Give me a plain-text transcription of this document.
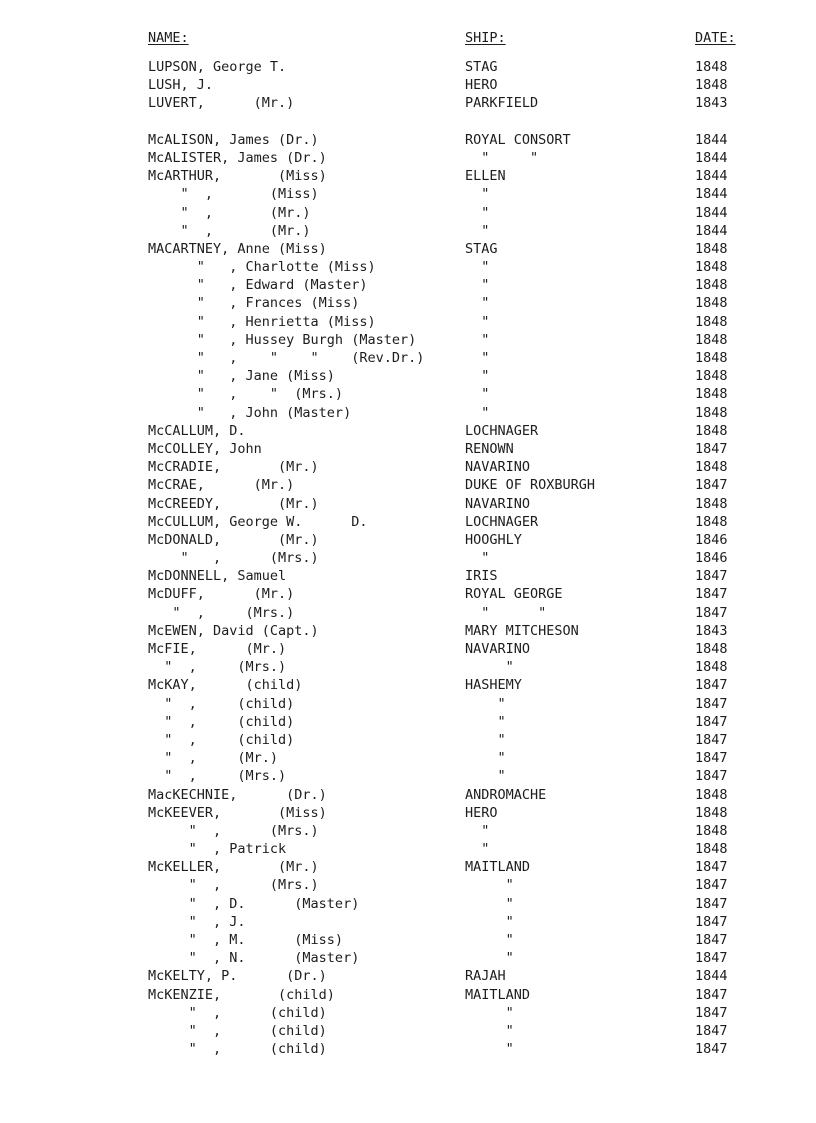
NAME:	SHIP:	DATE:
LUPSON, George T.	STAG	1848
LUSH, J.	HERO	1848
LUVERT,      (Mr.)	PARKFIELD	1843
McALISON, James (Dr.)	ROYAL CONSORT	1844
McALISTER, James (Dr.)	"     "	1844
McARTHUR,       (Miss)	ELLEN	1844
"  ,       (Miss)	"	1844
"  ,       (Mr.)	"	1844
"  ,       (Mr.)	"	1844
MACARTNEY, Anne (Miss)	STAG	1848
"   , Charlotte (Miss)	"	1848
"   , Edward (Master)	"	1848
"   , Frances (Miss)	"	1848
"   , Henrietta (Miss)	"	1848
"   , Hussey Burgh (Master)	"	1848
"   ,    "    "    (Rev.Dr.)	"	1848
"   , Jane (Miss)	"	1848
"   ,    "  (Mrs.)	"	1848
"   , John (Master)	"	1848
McCALLUM, D.	LOCHNAGER	1848
McCOLLEY, John	RENOWN	1847
McCRADIE,       (Mr.)	NAVARINO	1848
McCRAE,      (Mr.)	DUKE OF ROXBURGH	1847
McCREEDY,       (Mr.)	NAVARINO	1848
McCULLUM, George W.      D.	LOCHNAGER	1848
McDONALD,       (Mr.)	HOOGHLY	1846
"   ,      (Mrs.)	"	1846
McDONNELL, Samuel	IRIS	1847
McDUFF,      (Mr.)	ROYAL GEORGE	1847
"  ,     (Mrs.)	"      "	1847
McEWEN, David (Capt.)	MARY MITCHESON	1843
McFIE,      (Mr.)	NAVARINO	1848
"  ,     (Mrs.)	"	1848
McKAY,      (child)	HASHEMY	1847
"  ,     (child)	"	1847
"  ,     (child)	"	1847
"  ,     (child)	"	1847
"  ,     (Mr.)	"	1847
"  ,     (Mrs.)	"	1847
MacKECHNIE,      (Dr.)	ANDROMACHE	1848
McKEEVER,       (Miss)	HERO	1848
"  ,      (Mrs.)	"	1848
"  , Patrick	"	1848
McKELLER,       (Mr.)	MAITLAND	1847
"  ,      (Mrs.)	"	1847
"  , D.      (Master)	"	1847
"  , J.	"	1847
"  , M.      (Miss)	"	1847
"  , N.      (Master)	"	1847
McKELTY, P.      (Dr.)	RAJAH	1844
McKENZIE,       (child)	MAITLAND	1847
"  ,      (child)	"	1847
"  ,      (child)	"	1847
"  ,      (child)	"	1847
